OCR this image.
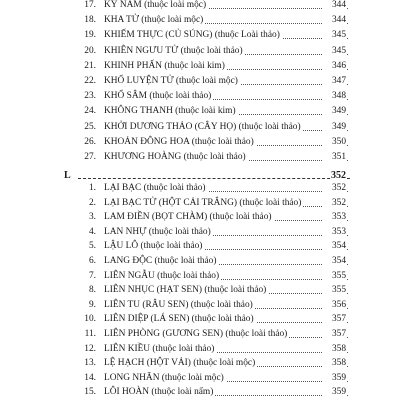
17. KỲ NAM (thuộc loài mộc)	344
18. KHA TỬ (thuộc loài mộc)	344
19. KHIẾM THỰC (CỦ SÚNG) (thuộc Loài thảo)	345
20. KHIÊN NGƯU TỬ (thuộc loài thảo)	345
21. KHINH PHẤN (thuộc loài kim)	346
22. KHỔ LUYỆN TỬ (thuộc loài mộc)	347
23. KHỔ SÂM (thuộc loài thảo)	348
24. KHÔNG THANH (thuộc loài kim)	349
25. KHỞI DƯƠNG THẢO (CÂY HỌ) (thuộc loài thảo)	349
26. KHOẢN ĐÔNG HOA (thuộc loài thảo)	350
27. KHƯƠNG HOÀNG (thuộc loài thảo)	351
L	352
1. LẠI BẠC (thuộc loài thảo)	352
2. LẠI BẠC TỬ (HỘT CẢI TRẮNG) (thuộc loài thảo)	352
3. LAM ĐIỀN (BỌT CHÀM) (thuộc loài thảo)	353
4. LAN NHỰ (thuộc loài thảo)	353
5. LẬU LÔ (thuộc loài thảo)	354
6. LANG ĐỘC (thuộc loài thảo)	354
7. LIÊN NGẪU (thuộc loài thảo)	355
8. LIÊN NHỤC (HẠT SEN) (thuộc loài thảo)	355
9. LIÊN TU (RÂU SEN) (thuộc loài thảo)	356
10. LIÊN DIỆP (LÁ SEN) (thuộc loài thảo)	357
11. LIÊN PHÒNG (GƯƠNG SEN) (thuộc loài thảo)	357
12. LIÊN KIỀU (thuộc loài thảo)	358
13. LỆ HẠCH (HỘT VẢI) (thuộc loài mộc)	358
14. LONG NHÃN (thuộc loài mộc)	359
15. LÔI HOÀN (thuộc loài nấm)	359
